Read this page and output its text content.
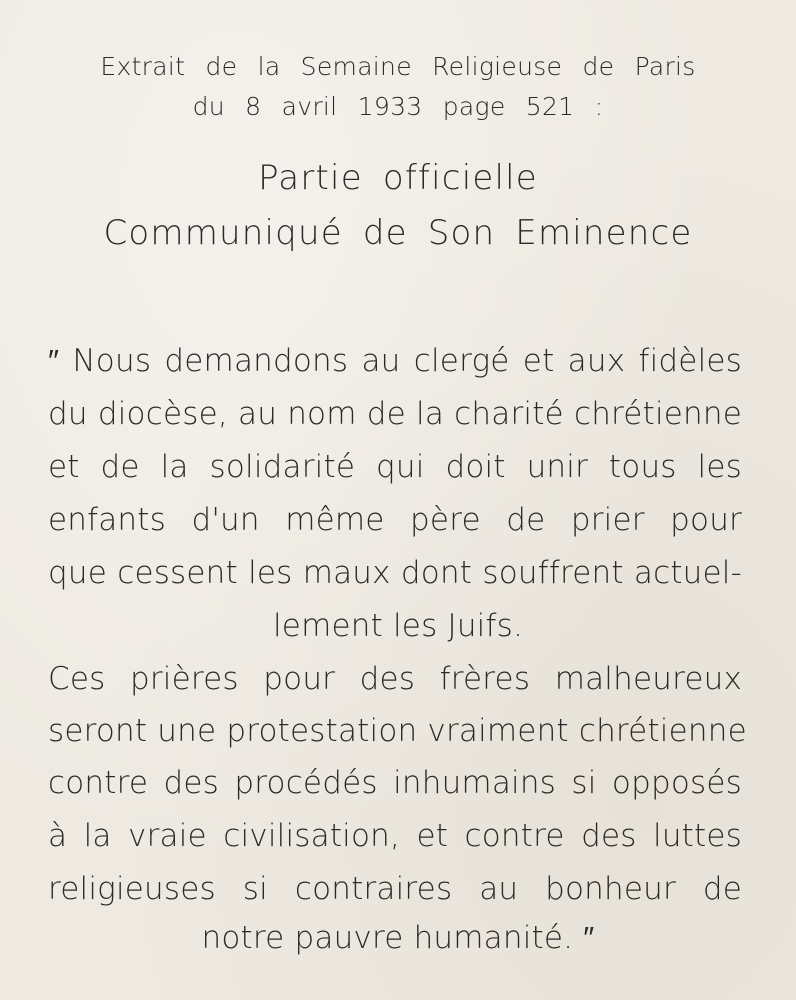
Extrait de la Semaine Religieuse de Paris
du 8 avril 1933 page 521 :
Partie officielle
Communiqué de Son Eminence
″ Nous demandons au clergé et aux fidèles
du diocèse, au nom de la charité chrétienne
et de la solidarité qui doit unir tous les
enfants d'un même père de prier pour
que cessent les maux dont souffrent actuel-
lement les Juifs.
Ces prières pour des frères malheureux
seront une protestation vraiment chrétienne
contre des procédés inhumains si opposés
à la vraie civilisation, et contre des luttes
religieuses si contraires au bonheur de
notre pauvre humanité. ″
